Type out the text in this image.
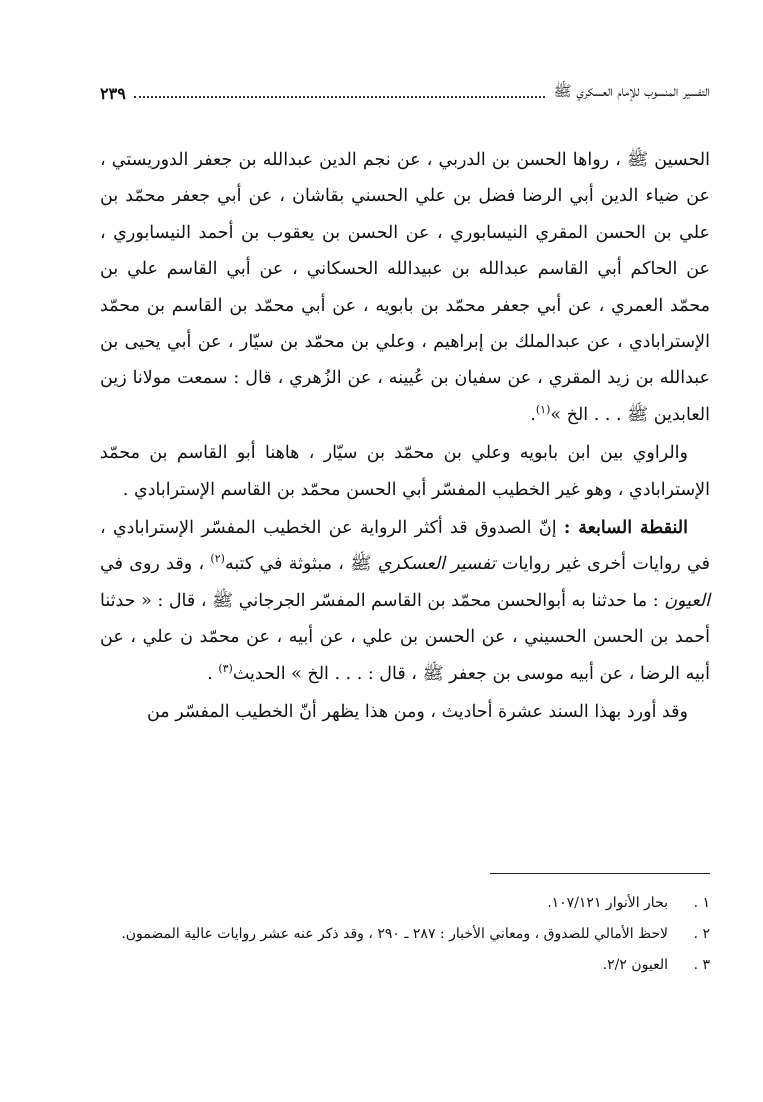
التفسير المنسوب للإمام العسكري ﷺ
٢٣٩

الحسين ﷺ ، رواها الحسن بن الدربي ، عن نجم الدين عبدالله بن جعفر الدوريستي ، عن ضياء الدين أبي الرضا فضل بن علي الحسني بقاشان ، عن أبي جعفر محمّد بن علي بن الحسن المقري النيسابوري ، عن الحسن بن يعقوب بن أحمد النيسابوري ، عن الحاكم أبي القاسم عبدالله بن عبيدالله الحسكاني ، عن أبي القاسم علي بن محمّد العمري ، عن أبي جعفر محمّد بن بابويه ، عن أبي محمّد بن القاسم بن محمّد الإسترابادي ، عن عبدالملك بن إبراهيم ، وعلي بن محمّد بن سيّار ، عن أبي يحيى بن عبدالله بن زيد المقري ، عن سفيان بن عُيينه ، عن الزُهري ، قال : سمعت مولانا زين العابدين ﷺ . . . الخ »$^{(١)}$.

والراوي بين ابن بابويه وعلي بن محمّد بن سيّار ، هاهنا أبو القاسم بن محمّد الإسترابادي ، وهو غير الخطيب المفسّر أبي الحسن محمّد بن القاسم الإسترابادي .

النقطة السابعة : إنّ الصدوق قد أكثر الرواية عن الخطيب المفسّر الإسترابادي ، في روايات أخرى غير روايات تفسير العسكري ﷺ ، مبثوثة في كتبه$^{(٢)}$ ، وقد روى في العيون : ما حدثنا به أبوالحسن محمّد بن القاسم المفسّر الجرجاني ﷺ ، قال : « حدثنا أحمد بن الحسن الحسيني ، عن الحسن بن علي ، عن أبيه ، عن محمّد ن علي ، عن أبيه الرضا ، عن أبيه موسى بن جعفر ﷺ ، قال : . . . الخ » الحديث$^{(٣)}$ .

وقد أورد بهذا السند عشرة أحاديث ، ومن هذا يظهر أنّ الخطيب المفسّر من

١ .
بحار الأنوار ١٠٧/١٢١.
٢ .
لاحظ الأمالي للصدوق ، ومعاني الأخبار : ٢٨٧ ـ ٢٩٠ ، وقد ذكر عنه عشر روايات عالية المضمون.
٣ .
العيون ٢/٢.
